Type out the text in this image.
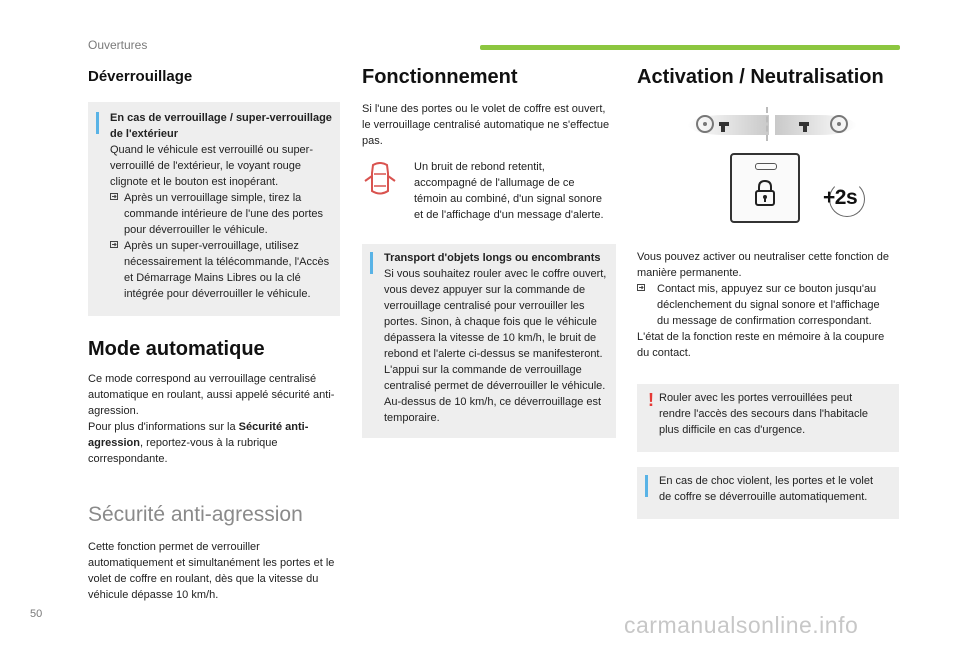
Ouvertures
Déverrouillage
En cas de verrouillage / super-verrouillage de l'extérieur
Quand le véhicule est verrouillé ou super-verrouillé de l'extérieur, le voyant rouge clignote et le bouton est inopérant.
Après un verrouillage simple, tirez la commande intérieure de l'une des portes pour déverrouiller le véhicule.
Après un super-verrouillage, utilisez nécessairement la télécommande, l'Accès et Démarrage Mains Libres ou la clé intégrée pour déverrouiller le véhicule.
Mode automatique

Ce mode correspond au verrouillage centralisé automatique en roulant, aussi appelé sécurité anti-agression.

Pour plus d'informations sur la Sécurité anti-agression, reportez-vous à la rubrique correspondante.

Sécurité anti-agression

Cette fonction permet de verrouiller automatiquement et simultanément les portes et le volet de coffre en roulant, dès que la vitesse du véhicule dépasse 10 km/h.

Fonctionnement

Si l'une des portes ou le volet de coffre est ouvert, le verrouillage centralisé automatique ne s'effectue pas.

Un bruit de rebond retentit, accompagné de l'allumage de ce témoin au combiné, d'un signal sonore et de l'affichage d'un message d'alerte.

Transport d'objets longs ou encombrants
Si vous souhaitez rouler avec le coffre ouvert, vous devez appuyer sur la commande de verrouillage centralisé pour verrouiller les portes. Sinon, à chaque fois que le véhicule dépassera la vitesse de 10 km/h, le bruit de rebond et l'alerte ci-dessus se manifesteront.
L'appui sur la commande de verrouillage centralisé permet de déverrouiller le véhicule.
Au-dessus de 10 km/h, ce déverrouillage est temporaire.
Activation / Neutralisation
+2s

Vous pouvez activer ou neutraliser cette fonction de manière permanente.

Contact mis, appuyez sur ce bouton jusqu'au déclenchement du signal sonore et l'affichage du message de confirmation correspondant.

L'état de la fonction reste en mémoire à la coupure du contact.

! Rouler avec les portes verrouillées peut rendre l'accès des secours dans l'habitacle plus difficile en cas d'urgence.
En cas de choc violent, les portes et le volet de coffre se déverrouille automatiquement.
50	carmanualsonline.info
